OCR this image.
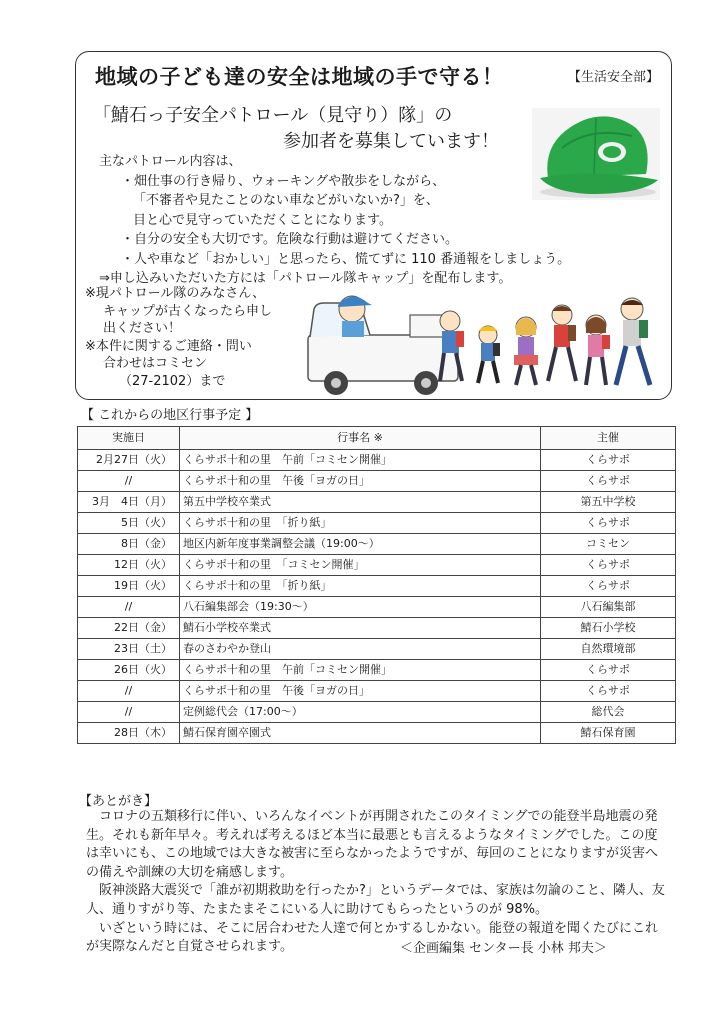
地域の子ども達の安全は地域の手で守る！	【生活安全部】
「鯖石っ子安全パトロール（見守り）隊」の
参加者を募集しています！
主なパトロール内容は、
・畑仕事の行き帰り、ウォーキングや散歩をしながら、
「不審者や見たことのない車などがいないか?」を、
目と心で見守っていただくことになります。
・自分の安全も大切です。危険な行動は避けてください。
・人や車など「おかしい」と思ったら、慌てずに 110 番通報をしましょう。
⇒申し込みいただいた方には「パトロール隊キャップ」を配布します。
※現パトロール隊のみなさん、
キャップが古くなったら申し
出ください！
※本件に関するご連絡・問い
合わせはコミセン
（27-2102）まで
【 これからの地区行事予定 】
実施日	行事名 ※	主催
2月27日（火）	くらサポ十和の里　午前「コミセン開催」	くらサポ
//	くらサポ十和の里　午後「ヨガの日」	くらサポ
3月　4日（月）	第五中学校卒業式	第五中学校
5日（火）	くらサポ十和の里　「折り紙」	くらサポ
8日（金）	地区内新年度事業調整会議（19:00～）	コミセン
12日（火）	くらサポ十和の里　「コミセン開催」	くらサポ
19日（火）	くらサポ十和の里　「折り紙」	くらサポ
//	八石編集部会（19:30～）	八石編集部
22日（金）	鯖石小学校卒業式	鯖石小学校
23日（土）	春のさわやか登山	自然環境部
26日（火）	くらサポ十和の里　午前「コミセン開催」	くらサポ
//	くらサポ十和の里　午後「ヨガの日」	くらサポ
//	定例総代会（17:00～）	総代会
28日（木）	鯖石保育園卒園式	鯖石保育園
【あとがき】

　コロナの五類移行に伴い、いろんなイベントが再開されたこのタイミングでの能登半島地震の発生。それも新年早々。考えれば考えるほど本当に最悪とも言えるようなタイミングでした。この度は幸いにも、この地域では大きな被害に至らなかったようですが、毎回のことになりますが災害への備えや訓練の大切を痛感します。

　阪神淡路大震災で「誰が初期救助を行ったか?」というデータでは、家族は勿論のこと、隣人、友人、通りすがり等、たまたまそこにいる人に助けてもらったというのが 98%。

　いざという時には、そこに居合わせた人達で何とかするしかない。能登の報道を聞くたびにこれが実際なんだと自覚させられます。	＜企画編集 センター長 小林 邦夫＞
